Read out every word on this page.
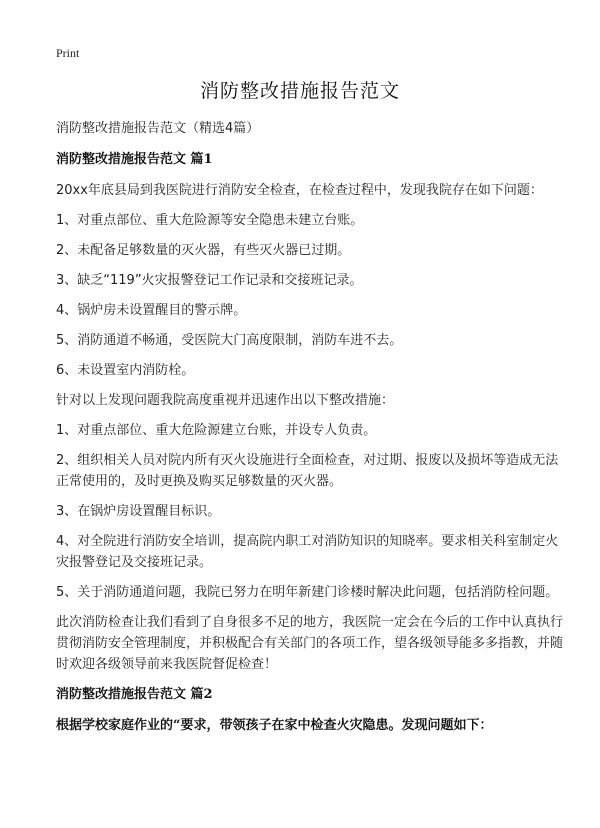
Print
消防整改措施报告范文

消防整改措施报告范文（精选4篇）

消防整改措施报告范文 篇1

20xx年底县局到我医院进行消防安全检查，在检查过程中，发现我院存在如下问题：

1、对重点部位、重大危险源等安全隐患未建立台账。

2、未配备足够数量的灭火器，有些灭火器已过期。

3、缺乏“119”火灾报警登记工作记录和交接班记录。

4、锅炉房未设置醒目的警示牌。

5、消防通道不畅通，受医院大门高度限制，消防车进不去。

6、未设置室内消防栓。

针对以上发现问题我院高度重视并迅速作出以下整改措施：

1、对重点部位、重大危险源建立台账，并设专人负责。

2、组织相关人员对院内所有灭火设施进行全面检查，对过期、报废以及损坏等造成无法正常使用的，及时更换及购买足够数量的灭火器。

3、在锅炉房设置醒目标识。

4、对全院进行消防安全培训，提高院内职工对消防知识的知晓率。要求相关科室制定火灾报警登记及交接班记录。

5、关于消防通道问题，我院已努力在明年新建门诊楼时解决此问题，包括消防栓问题。

此次消防检查让我们看到了自身很多不足的地方，我医院一定会在今后的工作中认真执行贯彻消防安全管理制度，并积极配合有关部门的各项工作，望各级领导能多多指教，并随时欢迎各级领导前来我医院督促检查！

消防整改措施报告范文 篇2

根据学校家庭作业的“要求，带领孩子在家中检查火灾隐患。发现问题如下：
